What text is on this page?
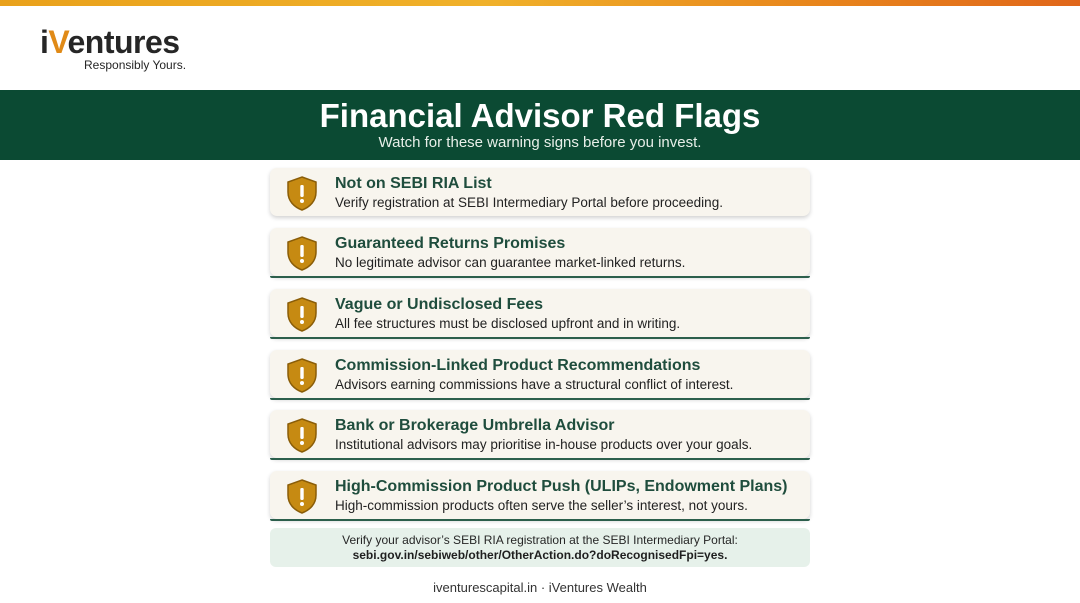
iVentures
Responsibly Yours.
Financial Advisor Red Flags
Watch for these warning signs before you invest.
Not on SEBI RIA List
Verify registration at SEBI Intermediary Portal before proceeding.
Guaranteed Returns Promises
No legitimate advisor can guarantee market-linked returns.
Vague or Undisclosed Fees
All fee structures must be disclosed upfront and in writing.
Commission-Linked Product Recommendations
Advisors earning commissions have a structural conflict of interest.
Bank or Brokerage Umbrella Advisor
Institutional advisors may prioritise in-house products over your goals.
High-Commission Product Push (ULIPs, Endowment Plans)
High-commission products often serve the seller’s interest, not yours.
Verify your advisor’s SEBI RIA registration at the SEBI Intermediary Portal:
sebi.gov.in/sebiweb/other/OtherAction.do?doRecognisedFpi=yes.
iventurescapital.in · iVentures Wealth
